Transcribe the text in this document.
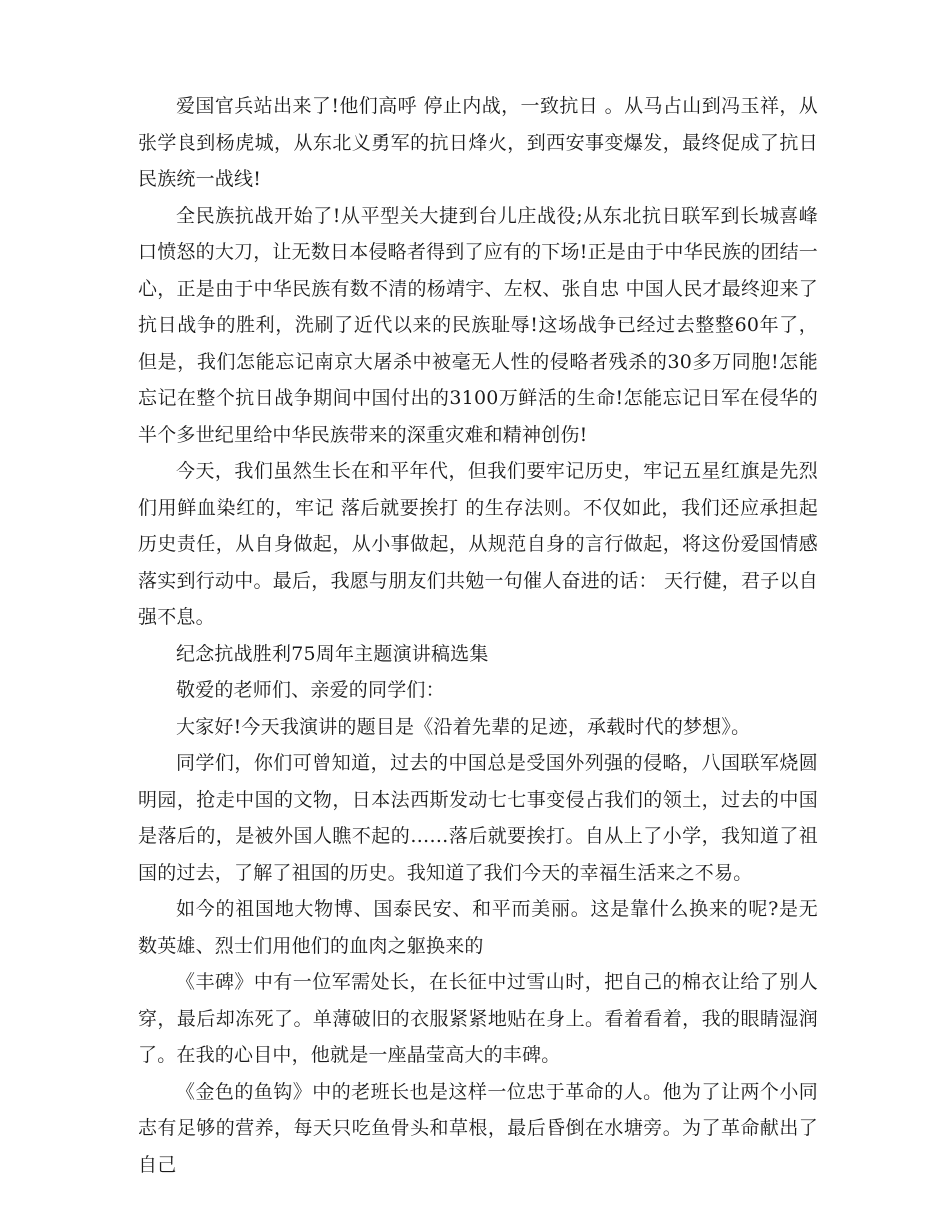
爱国官兵站出来了!他们高呼 停止内战，一致抗日 。从马占山到冯玉祥，从张学良到杨虎城，从东北义勇军的抗日烽火，到西安事变爆发，最终促成了抗日民族统一战线!

全民族抗战开始了!从平型关大捷到台儿庄战役;从东北抗日联军到长城喜峰口愤怒的大刀，让无数日本侵略者得到了应有的下场!正是由于中华民族的团结一心，正是由于中华民族有数不清的杨靖宇、左权、张自忠 中国人民才最终迎来了抗日战争的胜利，洗刷了近代以来的民族耻辱!这场战争已经过去整整60年了，但是，我们怎能忘记南京大屠杀中被毫无人性的侵略者残杀的30多万同胞!怎能忘记在整个抗日战争期间中国付出的3100万鲜活的生命!怎能忘记日军在侵华的半个多世纪里给中华民族带来的深重灾难和精神创伤!

今天，我们虽然生长在和平年代，但我们要牢记历史，牢记五星红旗是先烈们用鲜血染红的，牢记 落后就要挨打 的生存法则。不仅如此，我们还应承担起历史责任，从自身做起，从小事做起，从规范自身的言行做起，将这份爱国情感落实到行动中。最后，我愿与朋友们共勉一句催人奋进的话： 天行健，君子以自强不息。

纪念抗战胜利75周年主题演讲稿选集

敬爱的老师们、亲爱的同学们：

大家好!今天我演讲的题目是《沿着先辈的足迹，承载时代的梦想》。

同学们，你们可曾知道，过去的中国总是受国外列强的侵略，八国联军烧圆明园，抢走中国的文物，日本法西斯发动七七事变侵占我们的领土，过去的中国是落后的，是被外国人瞧不起的……落后就要挨打。自从上了小学，我知道了祖国的过去，了解了祖国的历史。我知道了我们今天的幸福生活来之不易。

如今的祖国地大物博、国泰民安、和平而美丽。这是靠什么换来的呢?是无数英雄、烈士们用他们的血肉之躯换来的

《丰碑》中有一位军需处长，在长征中过雪山时，把自己的棉衣让给了别人穿，最后却冻死了。单薄破旧的衣服紧紧地贴在身上。看着看着，我的眼睛湿润了。在我的心目中，他就是一座晶莹高大的丰碑。

《金色的鱼钩》中的老班长也是这样一位忠于革命的人。他为了让两个小同志有足够的营养，每天只吃鱼骨头和草根，最后昏倒在水塘旁。为了革命献出了自己
